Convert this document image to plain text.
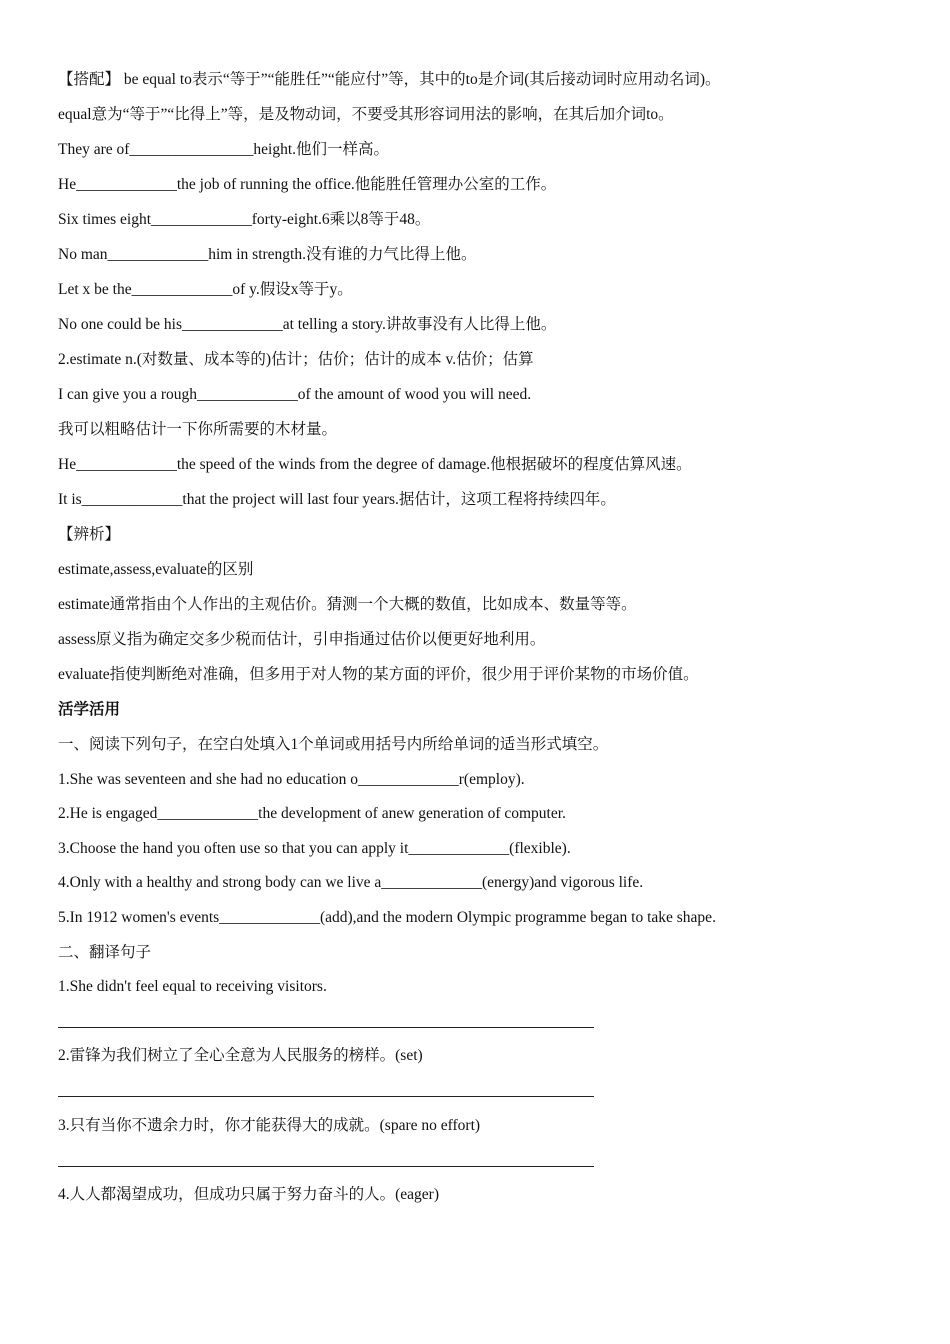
【搭配】 be equal to表示“等于”“能胜任”“能应付”等，其中的to是介词(其后接动词时应用动名词)。
equal意为“等于”“比得上”等，是及物动词，不要受其形容词用法的影响，在其后加介词to。
They are of________________height.他们一样高。
He_____________the job of running the office.他能胜任管理办公室的工作。
Six times eight_____________forty-eight.6乘以8等于48。
No man_____________him in strength.没有谁的力气比得上他。
Let x be the_____________of y.假设x等于y。
No one could be his_____________at telling a story.讲故事没有人比得上他。
2.estimate n.(对数量、成本等的)估计；估价；估计的成本 v.估价；估算
I can give you a rough_____________of the amount of wood you will need.
我可以粗略估计一下你所需要的木材量。
He_____________the speed of the winds from the degree of damage.他根据破坏的程度估算风速。
It is_____________that the project will last four years.据估计，这项工程将持续四年。
【辨析】
estimate,assess,evaluate的区别
estimate通常指由个人作出的主观估价。猜测一个大概的数值，比如成本、数量等等。
assess原义指为确定交多少税而估计，引申指通过估价以便更好地利用。
evaluate指使判断绝对准确，但多用于对人物的某方面的评价，很少用于评价某物的市场价值。
活学活用
一、阅读下列句子，在空白处填入1个单词或用括号内所给单词的适当形式填空。
1.She was seventeen and she had no education o_____________r(employ).
2.He is engaged_____________the development of anew generation of computer.
3.Choose the hand you often use so that you can apply it_____________(flexible).
4.Only with a healthy and strong body can we live a_____________(energy)and vigorous life.
5.In 1912 women's events_____________(add),and the modern Olympic programme began to take shape.
二、翻译句子
1.She didn't feel equal to receiving visitors.
2.雷锋为我们树立了全心全意为人民服务的榜样。(set)
3.只有当你不遗余力时，你才能获得大的成就。(spare no effort)
4.人人都渴望成功，但成功只属于努力奋斗的人。(eager)
